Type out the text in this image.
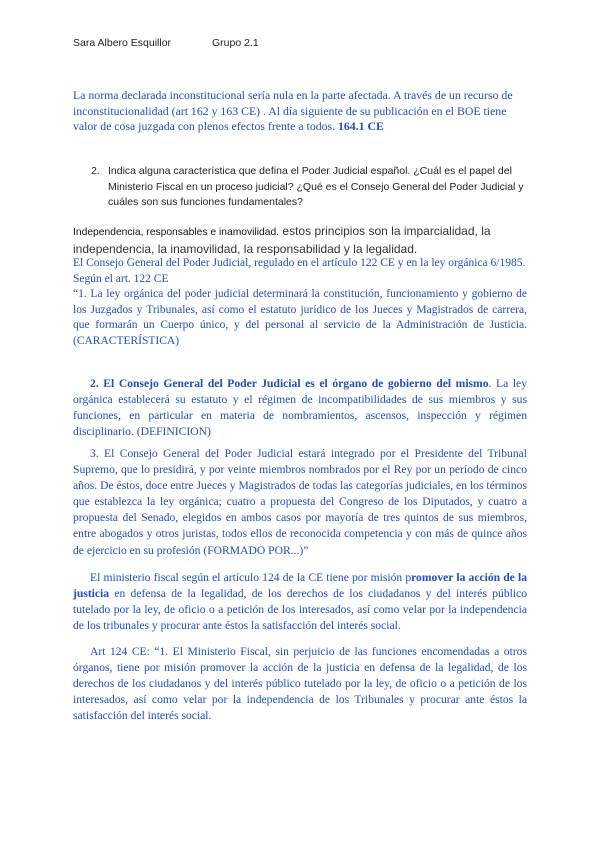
Sara Albero Esquillor	Grupo 2.1
La norma declarada inconstitucional sería nula en la parte afectada. A través de un recurso de inconstitucionalidad (art 162 y 163 CE) . Al día siguiente de su publicación en el BOE tiene valor de cosa juzgada con plenos efectos frente a todos. 164.1 CE
2. Indica alguna característica que defina el Poder Judicial español. ¿Cuál es el papel del Ministerio Fiscal en un proceso judicial? ¿Qué es el Consejo General del Poder Judicial y cuáles son sus funciones fundamentales?
Independencia, responsables e inamovilidad. estos principios son la imparcialidad, la independencia, la inamovilidad, la responsabilidad y la legalidad.
El Consejo General del Poder Judicial, regulado en el artículo 122 CE y en la ley orgánica 6/1985.
Según el art. 122 CE
“1. La ley orgánica del poder judicial determinará la constitución, funcionamiento y gobierno de los Juzgados y Tribunales, así como el estatuto jurídico de los Jueces y Magistrados de carrera, que formarán un Cuerpo único, y del personal al servicio de la Administración de Justicia. (CARACTERÍSTICA)
2. El Consejo General del Poder Judicial es el órgano de gobierno del mismo. La ley orgánica establecerá su estatuto y el régimen de incompatibilidades de sus miembros y sus funciones, en particular en materia de nombramientos, ascensos, inspección y régimen disciplinario. (DEFINICION)
3. El Consejo General del Poder Judicial estará integrado por el Presidente del Tribunal Supremo, que lo presidirá, y por veinte miembros nombrados por el Rey por un período de cinco años. De éstos, doce entre Jueces y Magistrados de todas las categorías judiciales, en los términos que establezca la ley orgánica; cuatro a propuesta del Congreso de los Diputados, y cuatro a propuesta del Senado, elegidos en ambos casos por mayoría de tres quintos de sus miembros, entre abogados y otros juristas, todos ellos de reconocida competencia y con más de quince años de ejercicio en su profesión (FORMADO POR...)”
El ministerio fiscal según el artículo 124 de la CE tiene por misión promover la acción de la justicia en defensa de la legalidad, de los derechos de los ciudadanos y del interés público tutelado por la ley, de oficio o a petición de los interesados, así como velar por la independencia de los tribunales y procurar ante éstos la satisfacción del interés social.
Art 124 CE: “1. El Ministerio Fiscal, sin perjuicio de las funciones encomendadas a otros órganos, tiene por misión promover la acción de la justicia en defensa de la legalidad, de los derechos de los ciudadanos y del interés público tutelado por la ley, de oficio o a petición de los interesados, así como velar por la independencia de los Tribunales y procurar ante éstos la satisfacción del interés social.
